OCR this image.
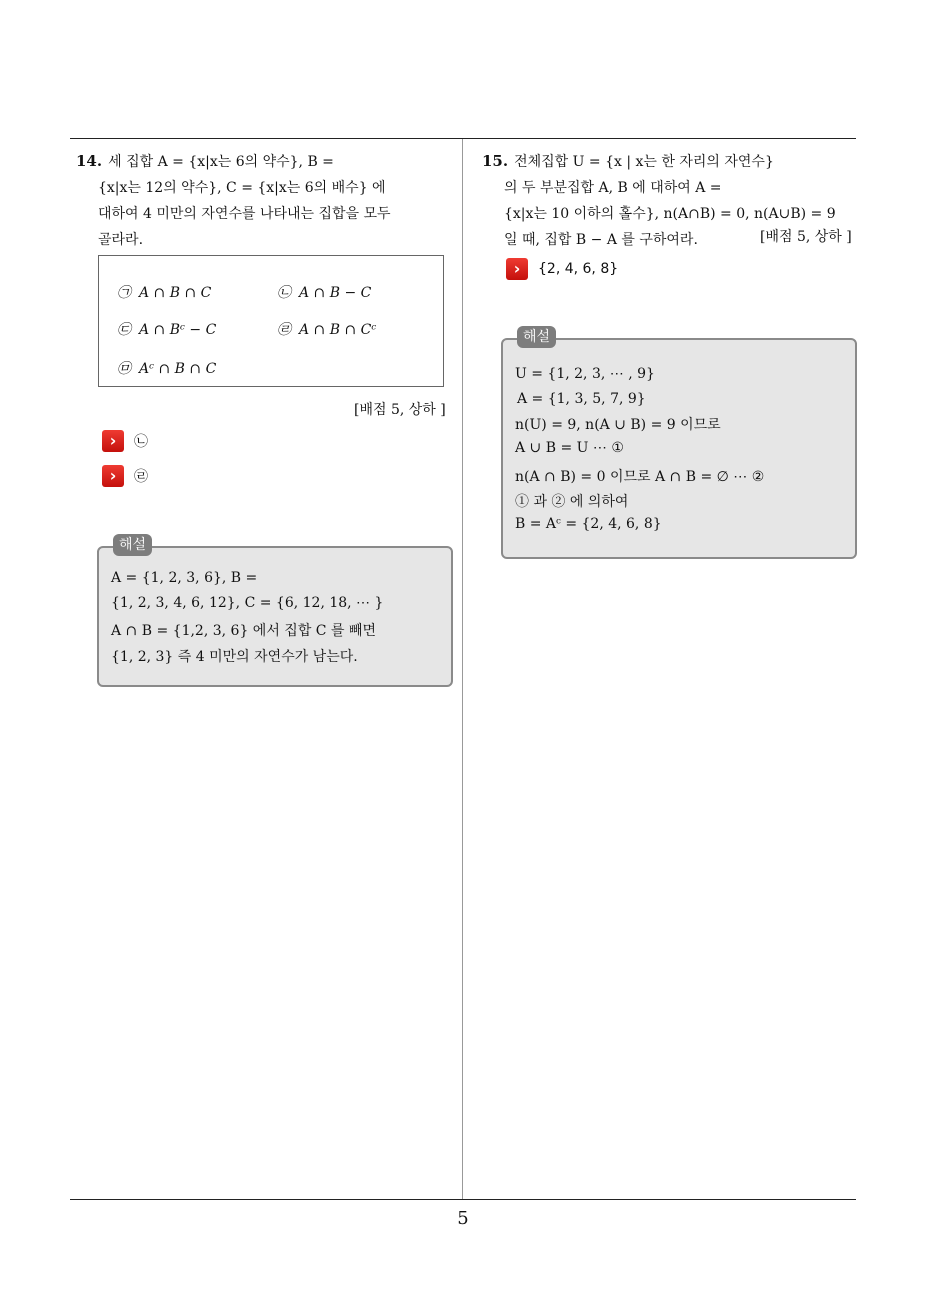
14. 세 집합 A = {x|x는 6의 약수}, B =
{x|x는 12의 약수}, C = {x|x는 6의 배수} 에
대하여 4 미만의 자연수를 나타내는 집합을 모두
골라라.
㉠ A ∩ B ∩ C	㉡ A ∩ B − C
㉢ A ∩ Bᶜ − C	㉣ A ∩ B ∩ Cᶜ
㉤ Aᶜ ∩ B ∩ C
[배점 5, 상하 ]
›	㉡
›	㉣
A = {1, 2, 3, 6}, B =
{1, 2, 3, 4, 6, 12}, C = {6, 12, 18, ⋯ }
A ∩ B = {1,2, 3, 6} 에서 집합 C 를 빼면
{1, 2, 3} 즉 4 미만의 자연수가 남는다.
해설
15. 전체집합 U = {x | x는 한 자리의 자연수}
의 두 부분집합 A, B 에 대하여 A =
{x|x는 10 이하의 홀수}, n(A∩B) = 0, n(A∪B) = 9
일 때, 집합 B − A 를 구하여라.	[배점 5, 상하 ]
›	{2, 4, 6, 8}
U = {1, 2, 3, ⋯ , 9}
A = {1, 3, 5, 7, 9}
n(U) = 9, n(A ∪ B) = 9 이므로
A ∪ B = U ⋯ ①
n(A ∩ B) = 0 이므로 A ∩ B = ∅ ⋯ ②
① 과 ② 에 의하여
B = Aᶜ = {2, 4, 6, 8}
해설
5
